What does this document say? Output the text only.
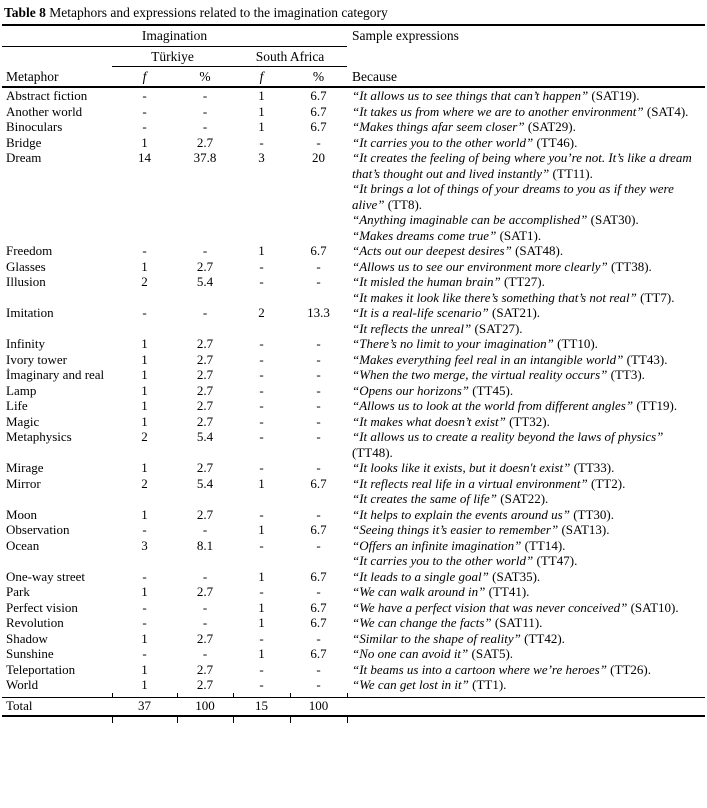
Table 8 Metaphors and expressions related to the imagination category
Imagination					Sample expressions
	Türkiye		South Africa		
Metaphor	f	%	f	%	Because
Abstract fiction	-	-	1	6.7	“It allows us to see things that can’t happen” (SAT19).

Another world	-	-	1	6.7	“It takes us from where we are to another environment” (SAT4).

Binoculars	-	-	1	6.7	“Makes things afar seem closer” (SAT29).

Bridge	1	2.7	-	-	“It carries you to the other world” (TT46).

Dream	14	37.8	3	20	“It creates the feeling of being where you’re not. It’s like a dream that’s thought out and lived instantly” (TT11).
“It brings a lot of things of your dreams to you as if they were alive” (TT8).
“Anything imaginable can be accomplished” (SAT30).
“Makes dreams come true” (SAT1).

Freedom	-	-	1	6.7	“Acts out our deepest desires” (SAT48).

Glasses	1	2.7	-	-	“Allows us to see our environment more clearly” (TT38).

Illusion	2	5.4	-	-	“It misled the human brain” (TT27).
“It makes it look like there’s something that’s not real” (TT7).

Imitation	-	-	2	13.3	“It is a real-life scenario” (SAT21).
“It reflects the unreal” (SAT27).

Infinity	1	2.7	-	-	“There’s no limit to your imagination” (TT10).

Ivory tower	1	2.7	-	-	“Makes everything feel real in an intangible world” (TT43).

İmaginary and real	1	2.7	-	-	“When the two merge, the virtual reality occurs” (TT3).

Lamp	1	2.7	-	-	“Opens our horizons” (TT45).

Life	1	2.7	-	-	“Allows us to look at the world from different angles” (TT19).

Magic	1	2.7	-	-	“It makes what doesn’t exist” (TT32).

Metaphysics	2	5.4	-	-	“It allows us to create a reality beyond the laws of physics” (TT48).

Mirage	1	2.7	-	-	“It looks like it exists, but it doesn't exist” (TT33).

Mirror	2	5.4	1	6.7	“It reflects real life in a virtual environment” (TT2).
“It creates the same of life” (SAT22).

Moon	1	2.7	-	-	“It helps to explain the events around us” (TT30).

Observation	-	-	1	6.7	“Seeing things it’s easier to remember” (SAT13).

Ocean	3	8.1	-	-	“Offers an infinite imagination” (TT14).
“It carries you to the other world” (TT47).

One-way street	-	-	1	6.7	“It leads to a single goal” (SAT35).

Park	1	2.7	-	-	“We can walk around in” (TT41).

Perfect vision	-	-	1	6.7	“We have a perfect vision that was never conceived” (SAT10).

Revolution	-	-	1	6.7	“We can change the facts” (SAT11).

Shadow	1	2.7	-	-	“Similar to the shape of reality” (TT42).

Sunshine	-	-	1	6.7	“No one can avoid it” (SAT5).

Teleportation	1	2.7	-	-	“It beams us into a cartoon where we’re heroes” (TT26).

World	1	2.7	-	-	“We can get lost in it” (TT1).

Total	37	100	15	100	
